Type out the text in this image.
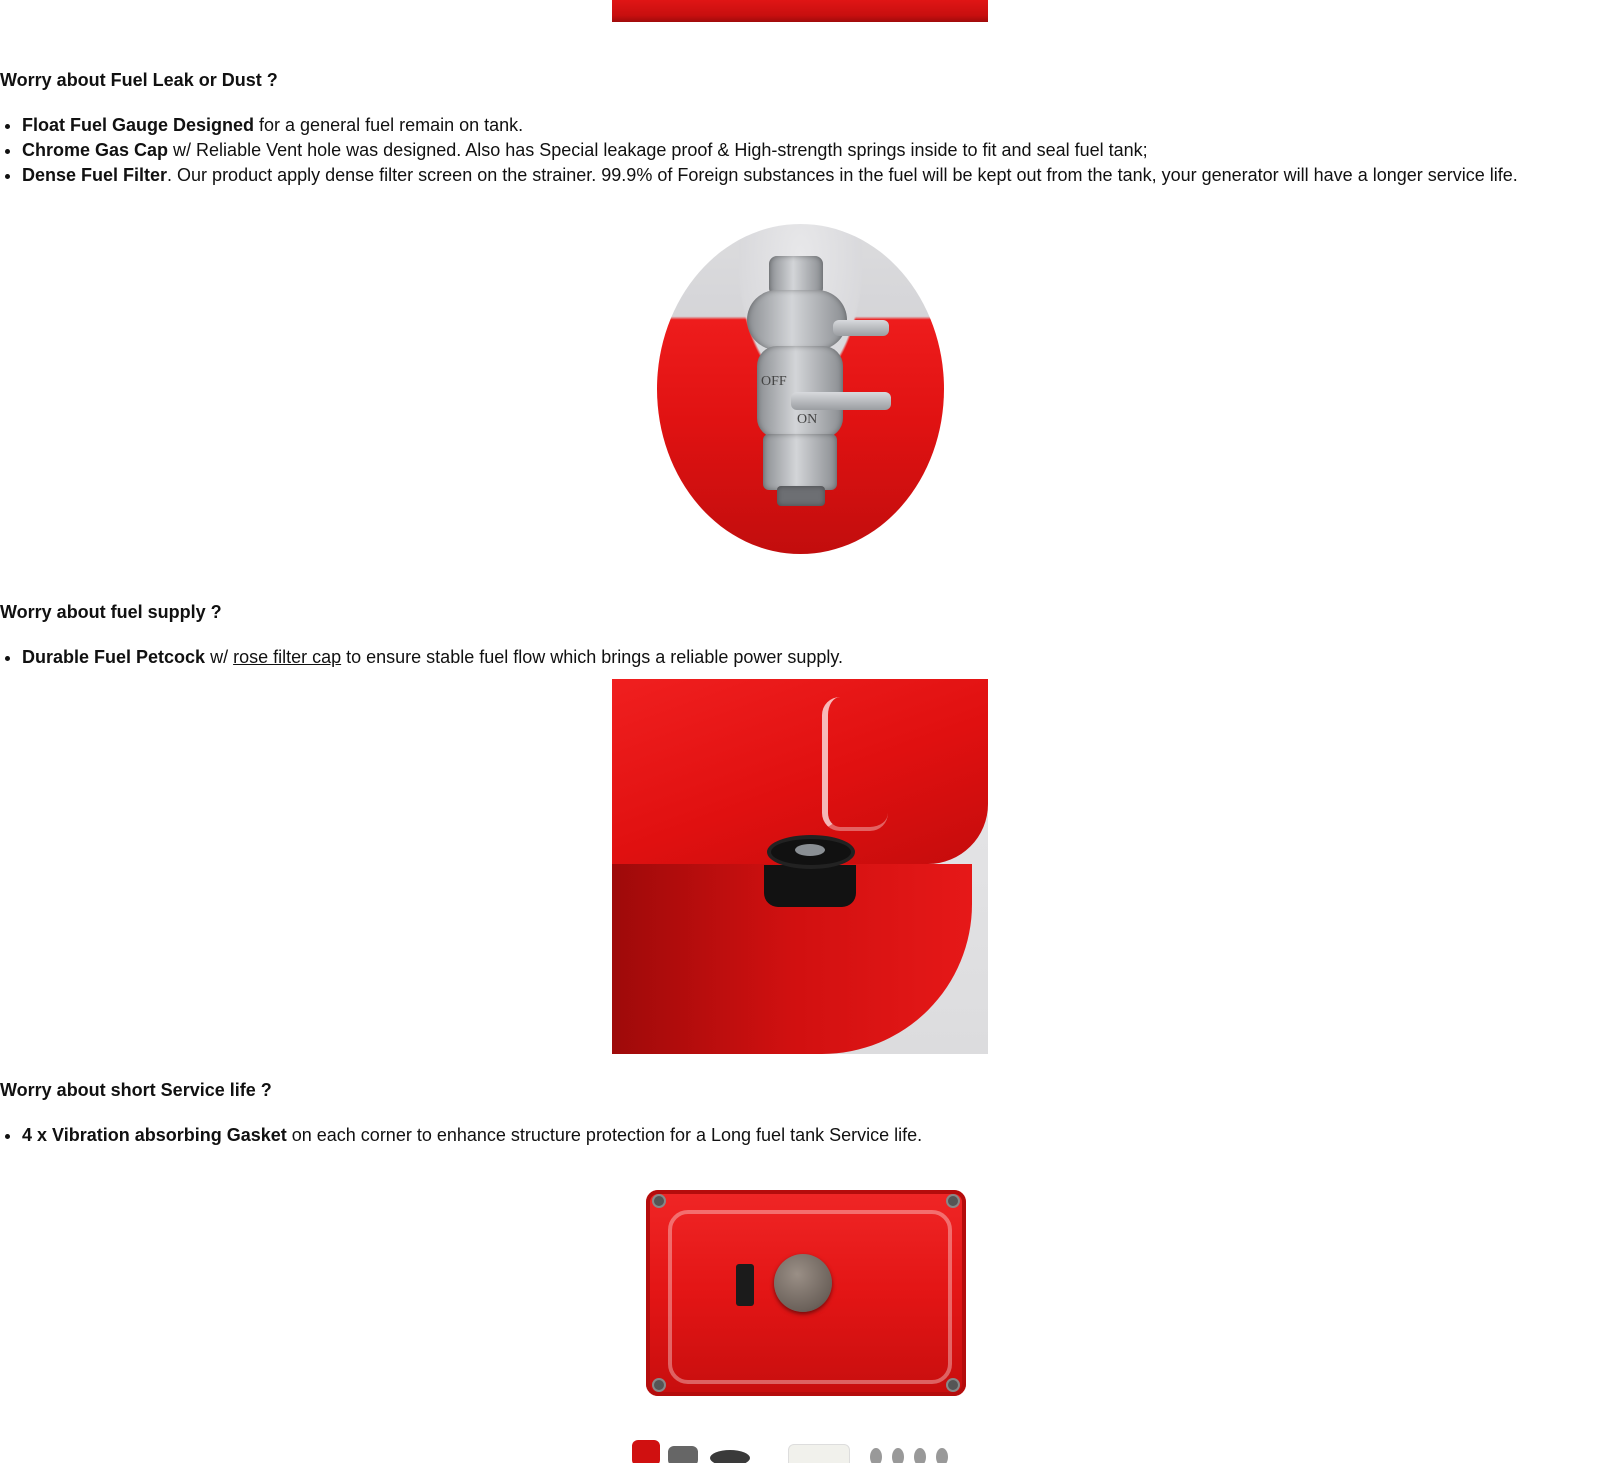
Worry about Fuel Leak or Dust ?
• Float Fuel Gauge Designed for a general fuel remain on tank.
• Chrome Gas Cap w/ Reliable Vent hole was designed. Also has Special leakage proof & High-strength springs inside to fit and seal fuel tank;
• Dense Fuel Filter. Our product apply dense filter screen on the strainer. 99.9% of Foreign substances in the fuel will be kept out from the tank, your generator will have a longer service life.
OFF
ON
Worry about fuel supply ?
• Durable Fuel Petcock w/ rose filter cap to ensure stable fuel flow which brings a reliable power supply.
Worry about short Service life ?
• 4 x Vibration absorbing Gasket on each corner to enhance structure protection for a Long fuel tank Service life.
